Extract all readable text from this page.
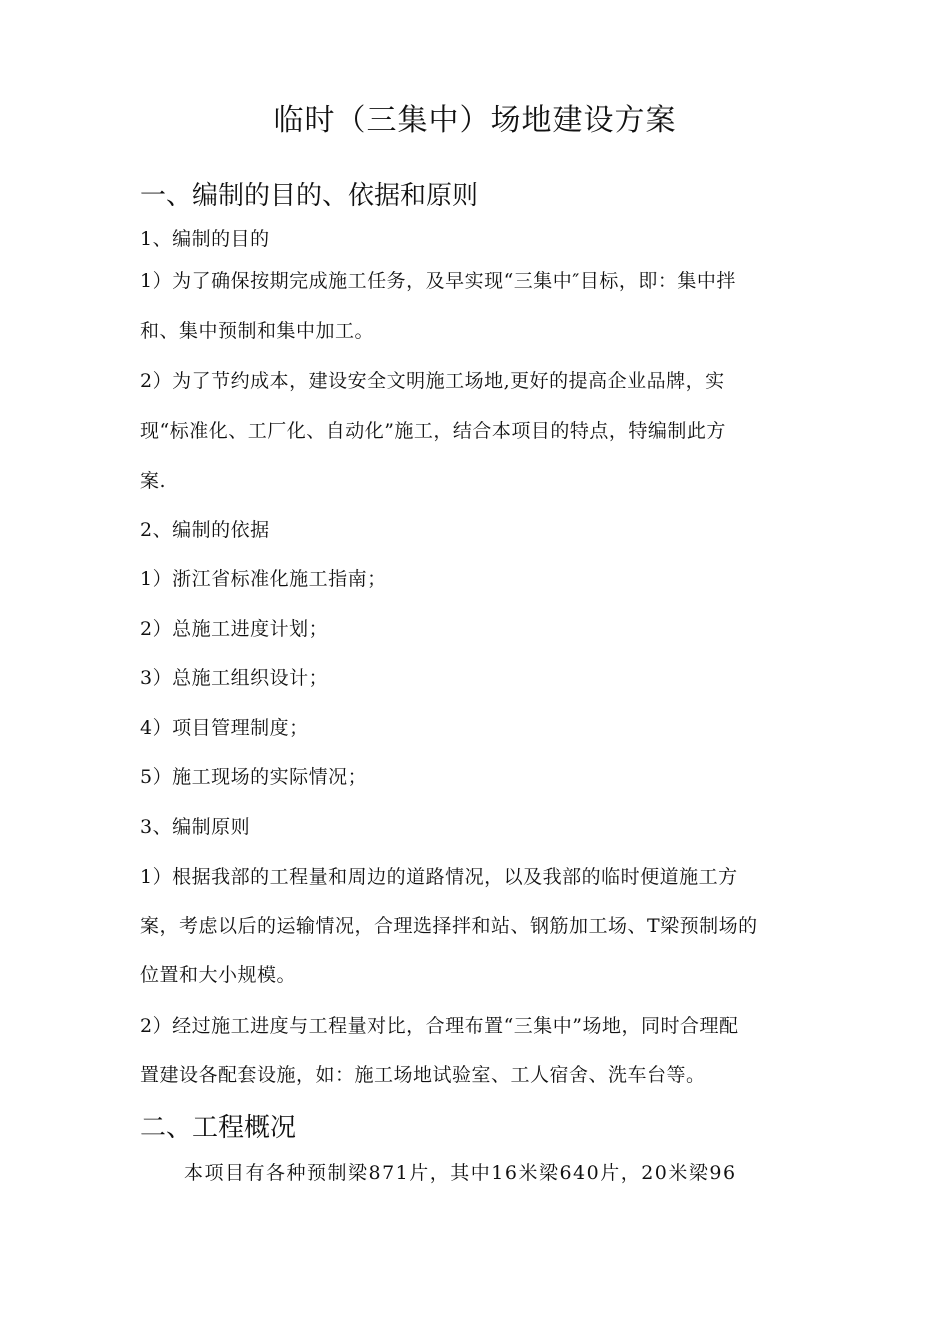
临时（三集中）场地建设方案
一、编制的目的、依据和原则

1、编制的目的

1）为了确保按期完成施工任务，及早实现“三集中″目标，即：集中拌

和、集中预制和集中加工。

2）为了节约成本，建设安全文明施工场地,更好的提高企业品牌，实

现“标准化、工厂化、自动化”施工，结合本项目的特点，特编制此方

案.

2、编制的依据

1）浙江省标准化施工指南；

2）总施工进度计划；

3）总施工组织设计；

4）项目管理制度；

5）施工现场的实际情况；

3、编制原则

1）根据我部的工程量和周边的道路情况，以及我部的临时便道施工方

案，考虑以后的运输情况，合理选择拌和站、钢筋加工场、T梁预制场的

位置和大小规模。

2）经过施工进度与工程量对比，合理布置“三集中”场地，同时合理配

置建设各配套设施，如：施工场地试验室、工人宿舍、洗车台等。

二、工程概况

本项目有各种预制梁871片，其中16米梁640片，20米梁96
